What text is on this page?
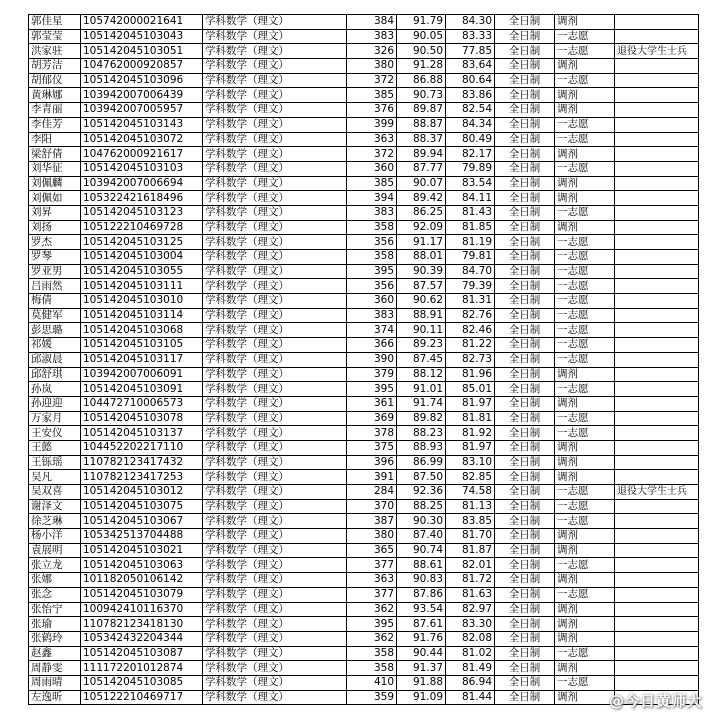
郭佳星	105742000021641	学科数学（理文）	384	91.79	84.30	全日制	调剂	
郭莹莹	105142045103043	学科数学（理文）	383	90.05	83.33	全日制	一志愿	
洪家驻	105142045103051	学科数学（理文）	326	90.50	77.85	全日制	一志愿	退役大学生士兵
胡芳洁	104762000920857	学科数学（理文）	380	91.28	83.64	全日制	调剂	
胡郁仪	105142045103096	学科数学（理文）	372	86.88	80.64	全日制	一志愿	
黄琳娜	103942007006439	学科数学（理文）	385	90.73	83.86	全日制	调剂	
李青丽	103942007005957	学科数学（理文）	376	89.87	82.54	全日制	调剂	
李佳芳	105142045103143	学科数学（理文）	399	88.87	84.34	全日制	一志愿	
李阳	105142045103072	学科数学（理文）	363	88.37	80.49	全日制	一志愿	
梁舒倩	104762000921617	学科数学（理文）	372	89.94	82.17	全日制	调剂	
刘华征	105142045103103	学科数学（理文）	360	87.77	79.89	全日制	一志愿	
刘佩麟	103942007006694	学科数学（理文）	385	90.07	83.54	全日制	调剂	
刘佩如	105322421618496	学科数学（理文）	394	89.42	84.11	全日制	调剂	
刘昇	105142045103123	学科数学（理文）	383	86.25	81.43	全日制	一志愿	
刘扬	105122210469728	学科数学（理文）	358	92.09	81.85	全日制	调剂	
罗杰	105142045103125	学科数学（理文）	356	91.17	81.19	全日制	一志愿	
罗琴	105142045103004	学科数学（理文）	358	88.01	79.81	全日制	一志愿	
罗亚男	105142045103055	学科数学（理文）	395	90.39	84.70	全日制	一志愿	
吕雨然	105142045103111	学科数学（理文）	356	87.57	79.39	全日制	一志愿	
梅倩	105142045103010	学科数学（理文）	360	90.62	81.31	全日制	一志愿	
莫健军	105142045103114	学科数学（理文）	383	88.91	82.76	全日制	一志愿	
彭思璐	105142045103068	学科数学（理文）	374	90.11	82.46	全日制	一志愿	
祁媛	105142045103105	学科数学（理文）	366	89.23	81.22	全日制	一志愿	
邱淑晨	105142045103117	学科数学（理文）	390	87.45	82.73	全日制	一志愿	
邱舒琪	103942007006091	学科数学（理文）	379	88.12	81.96	全日制	调剂	
孙岚	105142045103091	学科数学（理文）	395	91.01	85.01	全日制	一志愿	
孙迎迎	104472710006573	学科数学（理文）	361	91.74	81.97	全日制	调剂	
万家月	105142045103078	学科数学（理文）	369	89.82	81.81	全日制	一志愿	
王安仪	105142045103137	学科数学（理文）	378	88.23	81.92	全日制	一志愿	
王懿	104452202217110	学科数学（理文）	375	88.93	81.97	全日制	调剂	
王铄瑶	110782123417432	学科数学（理文）	396	86.99	83.10	全日制	调剂	
吴凡	110782123417253	学科数学（理文）	391	87.50	82.85	全日制	调剂	
吴双喜	105142045103012	学科数学（理文）	284	92.36	74.58	全日制	一志愿	退役大学生士兵
谢泽文	105142045103075	学科数学（理文）	370	88.25	81.13	全日制	一志愿	
徐芝琳	105142045103067	学科数学（理文）	387	90.30	83.85	全日制	一志愿	
杨小洋	105342513704488	学科数学（理文）	380	87.40	81.70	全日制	调剂	
袁展明	105142045103021	学科数学（理文）	365	90.74	81.87	全日制	调剂	
张立龙	105142045103063	学科数学（理文）	377	88.61	82.01	全日制	一志愿	
张娜	101182050106142	学科数学（理文）	363	90.83	81.72	全日制	调剂	
张念	105142045103079	学科数学（理文）	377	87.86	81.63	全日制	一志愿	
张怡宁	100942410116370	学科数学（理文）	362	93.54	82.97	全日制	调剂	
张瑜	110782123418130	学科数学（理文）	395	87.61	83.30	全日制	调剂	
张鹤玲	105342432204344	学科数学（理文）	362	91.76	82.08	全日制	调剂	
赵鑫	105142045103087	学科数学（理文）	358	90.44	81.02	全日制	一志愿	
周静雯	111172201012874	学科数学（理文）	358	91.37	81.49	全日制	调剂	
周雨晴	105142045103085	学科数学（理文）	410	91.88	86.94	全日制	一志愿	
左逸昕	105122210469717	学科数学（理文）	359	91.09	81.44	全日制	调剂	@今日黄师大
